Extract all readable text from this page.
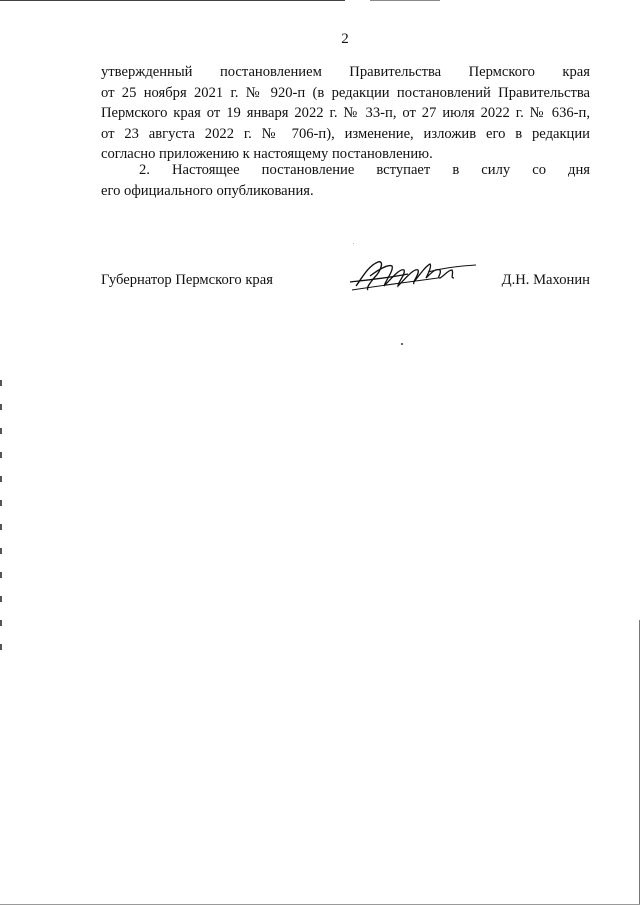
2

утвержденный постановлением Правительства Пермского края
от 25 ноября 2021 г. № 920-п (в редакции постановлений Правительства
Пермского края от 19 января 2022 г. № 33-п, от 27 июля 2022 г. № 636-п,
от 23 августа 2022 г. № 706-п), изменение, изложив его в редакции
согласно приложению к настоящему постановлению.

2. Настоящее постановление вступает в силу со дня
его официального опубликования.

Губернатор Пермского края	Д.Н. Махонин
